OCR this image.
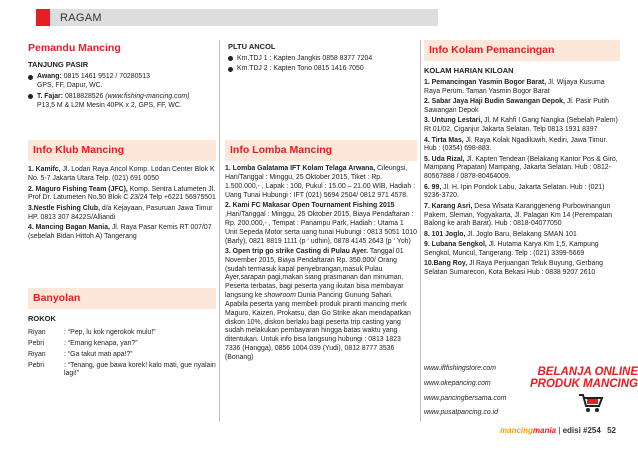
RAGAM
Pemandu Mancing
TANJUNG PASIR
Awang: 0815 1461 9512 / 70280513
GPS, FF, Dapur, WC.
T. Fajar: 0818828526 (www.fishing-mancing.com)
P13,5 M & L2M Mesin 40PK x 2, GPS, FF, WC.
PLTU ANCOL
Km.TDJ 1 : Kapten Jangkis 0858 8377 7204
Km.TDJ 2 : Kapten Tono 0815 1416 7050
Info Klub Mancing
1. Kamifc, Jl. Lodan Raya Ancol Komp. Lodan Center Blok K No. 5-7 Jakarta Utara Telp. (021) 691 0050
2. Maguro Fishing Team (JFC), Komp. Sentra Latumeten Jl. Prof Dr. Latumeten No.50 Blok C 23/24 Telp +6221 56975501
3.Nestle Fishing Club, d/a Kejayaan, Pasuruan Jawa Timur HP. 0813 307 8422S/Alliandi
4. Mancing Bagan Mania, Jl. Raya Pasar Kemis RT 007/07 (sebelah Bidan Hittoh A) Tangerang
Banyolan
ROKOK
Riyan	: “Pep, lu kok ngerokok mulu!”
Pebri	: “Emang kenapa, yan?”
Riyan	: “Ga takut mati apa!?”
Pebri	: “Tenang, gue bawa korek! kalo mati, gue nyalain lagi!”
Info Lomba Mancing
1. Lomba Galatama IFT Kolam Telaga Arwana, Cileungsi, Hari/Tanggal : Minggu, 25 Oktober 2015, Tiket : Rp. 1.500.000,- , Lapak : 100, Pukul : 15.00 – 21.00 WIB, Hadiah : Uang Tunai Hubungi : IFT (021) 5694 2504/ 0812 971 4578.
2. Kami FC Makasar Open Tournament Fishing 2015 ,Hari/Tanggal : Minggu, 25 Oktober 2015, Biaya Pendaftaran : Rp. 200.000,- , Tempat : Panampu Park, Hadiah : Utama 1 Unit Sepeda Motor serta uang tunai Hubungi : 0813 5051 1010 (Barly), 0821 8819 1111 (p ‘ udhin), 0878 4145 2643 (p ‘ Yoh)
3. Open trip go strike Casting di Pulau Ayer. Tanggal 01 November 2015, Biaya Pendaftaran Rp. 350.000/ Orang (sudah termasuk kapal penyebrangan,masuk Pulau Ayer,sarapan pagi,makan siang prasmanan dan minuman. Peserta terbatas, bagi peserta yang ikutan bisa membayar langsung ke showroom Dunia Pancing Gunung Sahari. Apabila peserta yang membeli produk piranti mancing merk Maguro, Kaizen, Prokatsu, dan Go Strike akan mendapatkan diskon 10%, diskon berlaku bagi peserta trip casting yang sudah melakukan pembayaran hingga batas waktu yang ditentukan. Untuk info bisa langsung hubungi : 0813 1823 7336 (Hangga), 0856 1004 039 (Yudi), 0812 8777 3536 (Bonang)
Info Kolam Pemancingan
KOLAM HARIAN KILOAN
1. Pemancingan Yasmin Bogor Barat, Jl. Wijaya Kusuma Raya Perum. Taman Yasmin Bogor Barat
2. Sabar Jaya Haji Budin Sawangan Depok, Jl. Pasir Putih Sawangan Depok
3. Untung Lestari, Jl. M Kahfi I Gang Nangka (Sebelah Palem) Rt 01/02, Ciganjur Jakarta Selatan. Telp 0813 1931 8397
4. Tirta Mas, Jl. Raya Kolak Ngadiluwih, Kediri, Jawa Timur. Hub : (0354) 698-883.
5. Uda Rizal, Jl. Kapten Tendean (Belakang Kantor Pos & Giro, Mampang Prapatan) Mampang, Jakarta Selatan. Hub : 0812-80567888 / 0878-80464009.
6. 99, Jl. H. Ipin Pondok Labu, Jakarta Selatan. Hub : (021) 9236-3720.
7. Karang Asri, Desa Wisata Karanggeneng Purbowinangun Pakem, Sleman, Yogyakarta, Jl. Palagan Km 14 (Perempatan Balong ke arah Barat). Hub : 0818-04077050
8. 101 Joglo, Jl. Joglo Baru, Belakang SMAN 101
9. Lubana Sengkol, Jl. Hutama Karya Km 1,5, Kampung Sengkol, Muncul, Tangerang. Telp : (021) 3399-5669
10.Bang Roy, Jl Raya Perjuangan Teluk Buyung, Gerbang Selatan Sumarecon, Kota Bekasi Hub : 0838 9207 2610
www.iftfishingstore.com
www.okepancing.com
www.pancingbersama.com
www.pusatpancing.co.id
BELANJA ONLINE
PRODUK MANCING
mancingmania | edisi #254 52
